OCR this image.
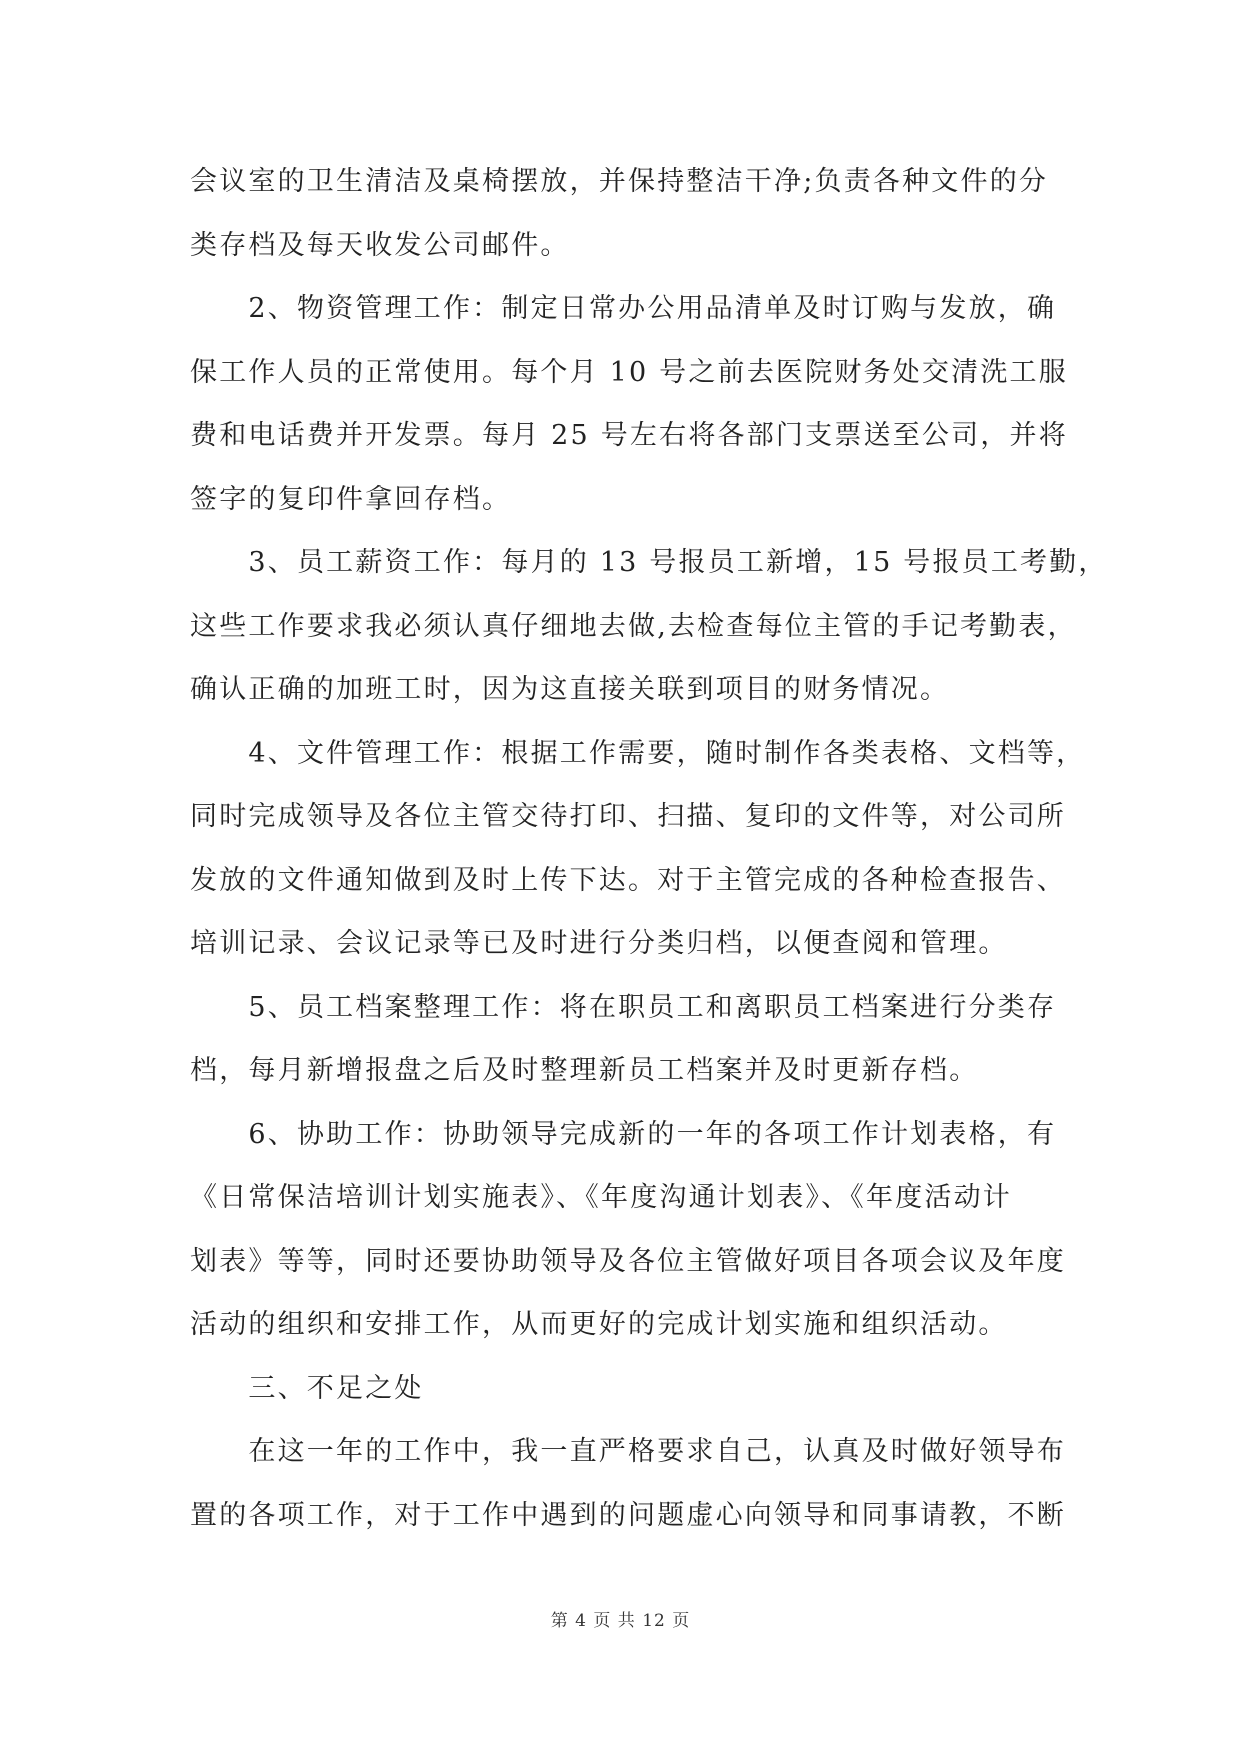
会议室的卫生清洁及桌椅摆放，并保持整洁干净;负责各种文件的分

类存档及每天收发公司邮件。

　　2、物资管理工作：制定日常办公用品清单及时订购与发放，确

保工作人员的正常使用。每个月 10 号之前去医院财务处交清洗工服

费和电话费并开发票。每月 25 号左右将各部门支票送至公司，并将

签字的复印件拿回存档。

　　3、员工薪资工作：每月的 13 号报员工新增，15 号报员工考勤，

这些工作要求我必须认真仔细地去做,去检查每位主管的手记考勤表，

确认正确的加班工时，因为这直接关联到项目的财务情况。

　　4、文件管理工作：根据工作需要，随时制作各类表格、文档等，

同时完成领导及各位主管交待打印、扫描、复印的文件等，对公司所

发放的文件通知做到及时上传下达。对于主管完成的各种检查报告、

培训记录、会议记录等已及时进行分类归档，以便查阅和管理。

　　5、员工档案整理工作：将在职员工和离职员工档案进行分类存

档，每月新增报盘之后及时整理新员工档案并及时更新存档。

　　6、协助工作：协助领导完成新的一年的各项工作计划表格，有

《日常保洁培训计划实施表》、《年度沟通计划表》、《年度活动计

划表》等等，同时还要协助领导及各位主管做好项目各项会议及年度

活动的组织和安排工作，从而更好的完成计划实施和组织活动。

　　三、不足之处

　　在这一年的工作中，我一直严格要求自己，认真及时做好领导布

置的各项工作，对于工作中遇到的问题虚心向领导和同事请教，不断

第 4 页 共 12 页
